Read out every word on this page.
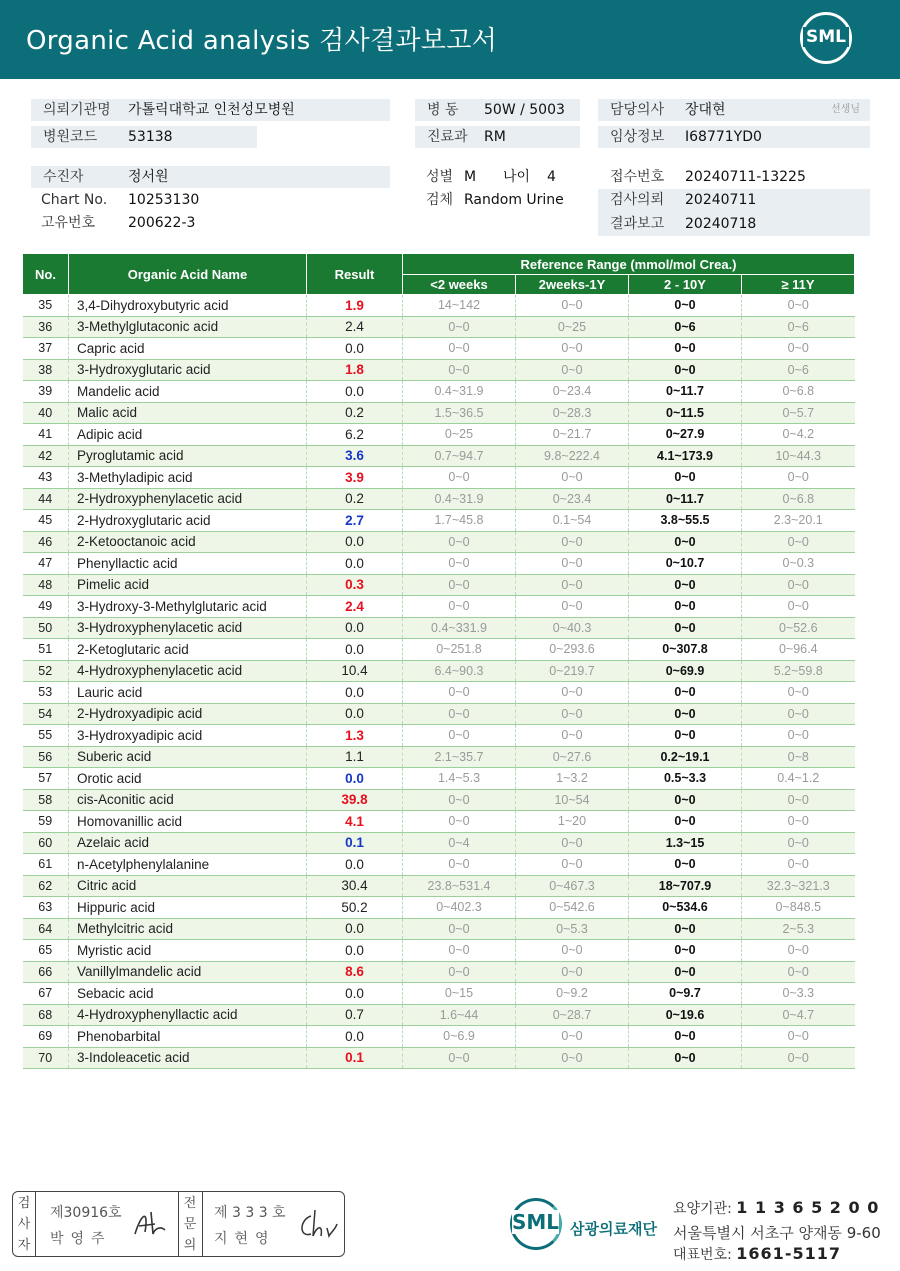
Organic Acid analysis 검사결과보고서	SML
의뢰기관명 가톨릭대학교 인천성모병원
병원코드 53138
병 동 50W / 5003
진료과 RM
담당의사 장대현	선생님
임상정보 I68771YD0
수진자	정서원
Chart No. 10253130
고유번호 200622-3
성별 M 나이 4
검체 Random Urine
접수번호 20240711-13225
검사의뢰 20240711
결과보고 20240718
No.	Organic Acid Name	Result	Reference Range (mmol/mol Crea.)			
			<2 weeks	2weeks-1Y	2 - 10Y	≥ 11Y
35	3,4-Dihydroxybutyric acid	1.9	14~142	0~0	0~0	0~0
36	3-Methylglutaconic acid	2.4	0~0	0~25	0~6	0~6
37	Capric acid	0.0	0~0	0~0	0~0	0~0
38	3-Hydroxyglutaric acid	1.8	0~0	0~0	0~0	0~6
39	Mandelic acid	0.0	0.4~31.9	0~23.4	0~11.7	0~6.8
40	Malic acid	0.2	1.5~36.5	0~28.3	0~11.5	0~5.7
41	Adipic acid	6.2	0~25	0~21.7	0~27.9	0~4.2
42	Pyroglutamic acid	3.6	0.7~94.7	9.8~222.4	4.1~173.9	10~44.3
43	3-Methyladipic acid	3.9	0~0	0~0	0~0	0~0
44	2-Hydroxyphenylacetic acid	0.2	0.4~31.9	0~23.4	0~11.7	0~6.8
45	2-Hydroxyglutaric acid	2.7	1.7~45.8	0.1~54	3.8~55.5	2.3~20.1
46	2-Ketooctanoic acid	0.0	0~0	0~0	0~0	0~0
47	Phenyllactic acid	0.0	0~0	0~0	0~10.7	0~0.3
48	Pimelic acid	0.3	0~0	0~0	0~0	0~0
49	3-Hydroxy-3-Methylglutaric acid	2.4	0~0	0~0	0~0	0~0
50	3-Hydroxyphenylacetic acid	0.0	0.4~331.9	0~40.3	0~0	0~52.6
51	2-Ketoglutaric acid	0.0	0~251.8	0~293.6	0~307.8	0~96.4
52	4-Hydroxyphenylacetic acid	10.4	6.4~90.3	0~219.7	0~69.9	5.2~59.8
53	Lauric acid	0.0	0~0	0~0	0~0	0~0
54	2-Hydroxyadipic acid	0.0	0~0	0~0	0~0	0~0
55	3-Hydroxyadipic acid	1.3	0~0	0~0	0~0	0~0
56	Suberic acid	1.1	2.1~35.7	0~27.6	0.2~19.1	0~8
57	Orotic acid	0.0	1.4~5.3	1~3.2	0.5~3.3	0.4~1.2
58	cis-Aconitic acid	39.8	0~0	10~54	0~0	0~0
59	Homovanillic acid	4.1	0~0	1~20	0~0	0~0
60	Azelaic acid	0.1	0~4	0~0	1.3~15	0~0
61	n-Acetylphenylalanine	0.0	0~0	0~0	0~0	0~0
62	Citric acid	30.4	23.8~531.4	0~467.3	18~707.9	32.3~321.3
63	Hippuric acid	50.2	0~402.3	0~542.6	0~534.6	0~848.5
64	Methylcitric acid	0.0	0~0	0~5.3	0~0	2~5.3
65	Myristic acid	0.0	0~0	0~0	0~0	0~0
66	Vanillylmandelic acid	8.6	0~0	0~0	0~0	0~0
67	Sebacic acid	0.0	0~15	0~9.2	0~9.7	0~3.3
68	4-Hydroxyphenyllactic acid	0.7	1.6~44	0~28.7	0~19.6	0~4.7
69	Phenobarbital	0.0	0~6.9	0~0	0~0	0~0
70	3-Indoleacetic acid	0.1	0~0	0~0	0~0	0~0
검
사
자
제30916호
박영주
전
문
의
제 3 3 3 호
지현영
SML 삼광의료재단
요양기관: 1 1 3 6 5 2 0 0
서울특별시 서초구 양재동 9-60
대표번호: 1661-5117
